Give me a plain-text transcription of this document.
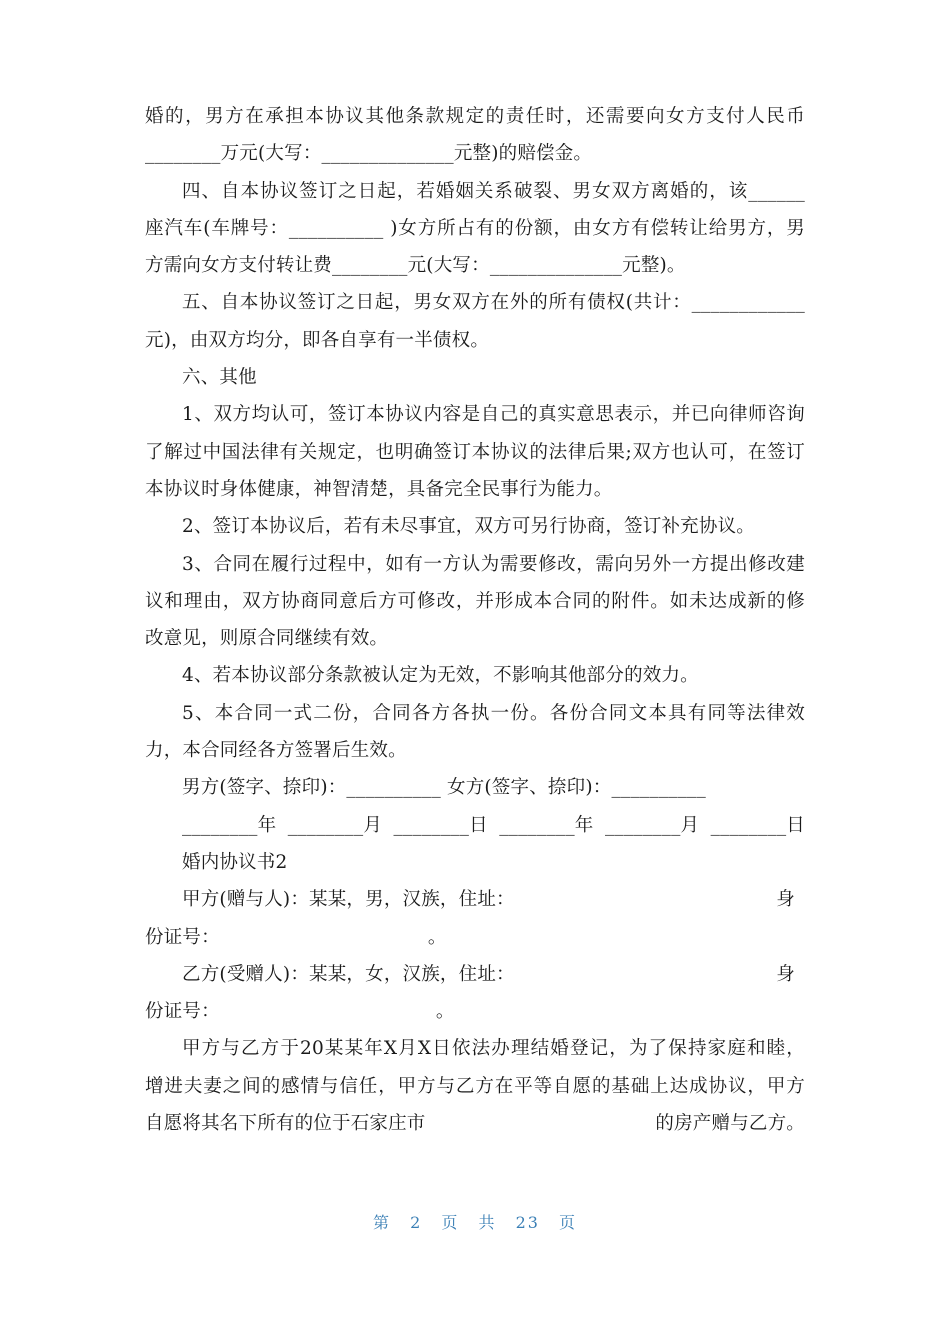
婚的，男方在承担本协议其他条款规定的责任时，还需要向女方支付人民币
________万元(大写：______________元整)的赔偿金。
四、自本协议签订之日起，若婚姻关系破裂、男女双方离婚的，该______
座汽车(车牌号：__________ )女方所占有的份额，由女方有偿转让给男方，男
方需向女方支付转让费________元(大写：______________元整)。
五、自本协议签订之日起，男女双方在外的所有债权(共计：____________
元)，由双方均分，即各自享有一半债权。
六、其他
1、双方均认可，签订本协议内容是自己的真实意思表示，并已向律师咨询
了解过中国法律有关规定，也明确签订本协议的法律后果;双方也认可，在签订
本协议时身体健康，神智清楚，具备完全民事行为能力。
2、签订本协议后，若有未尽事宜，双方可另行协商，签订补充协议。
3、合同在履行过程中，如有一方认为需要修改，需向另外一方提出修改建
议和理由，双方协商同意后方可修改，并形成本合同的附件。如未达成新的修
改意见，则原合同继续有效。
4、若本协议部分条款被认定为无效，不影响其他部分的效力。
5、本合同一式二份，合同各方各执一份。各份合同文本具有同等法律效
力，本合同经各方签署后生效。
男方(签字、捺印)：__________ 女方(签字、捺印)：__________
________年 ________月 ________日 ________年 ________月 ________日
婚内协议书2
甲方(赠与人)：某某，男，汉族，住址：	身
份证号：	。
乙方(受赠人)：某某，女，汉族，住址：	身
份证号：	。
甲方与乙方于20某某年X月X日依法办理结婚登记，为了保持家庭和睦，
增进夫妻之间的感情与信任，甲方与乙方在平等自愿的基础上达成协议，甲方
自愿将其名下所有的位于石家庄市	的房产赠与乙方。
第 2 页 共 23 页
